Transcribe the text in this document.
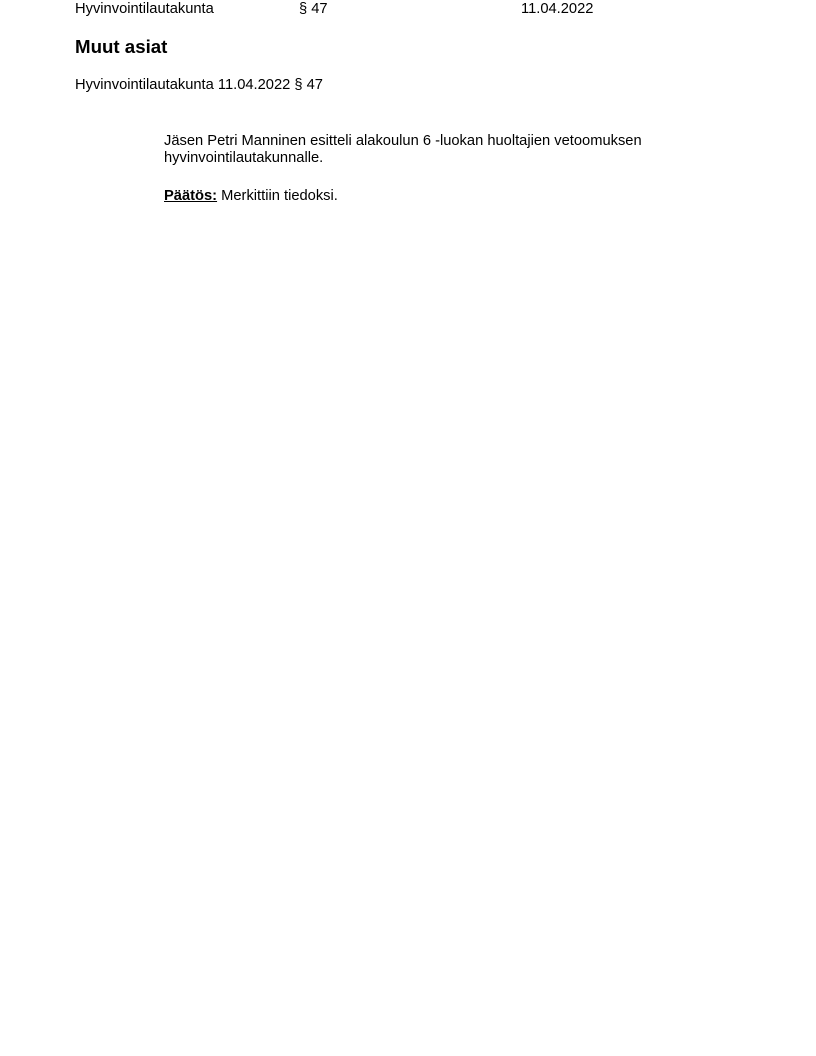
Hyvinvointilautakunta	§ 47	11.04.2022
Muut asiat
Hyvinvointilautakunta 11.04.2022 § 47

Jäsen Petri Manninen esitteli alakoulun 6 -luokan huoltajien vetoomuksen hyvinvointilautakunnalle.

Päätös: Merkittiin tiedoksi.
